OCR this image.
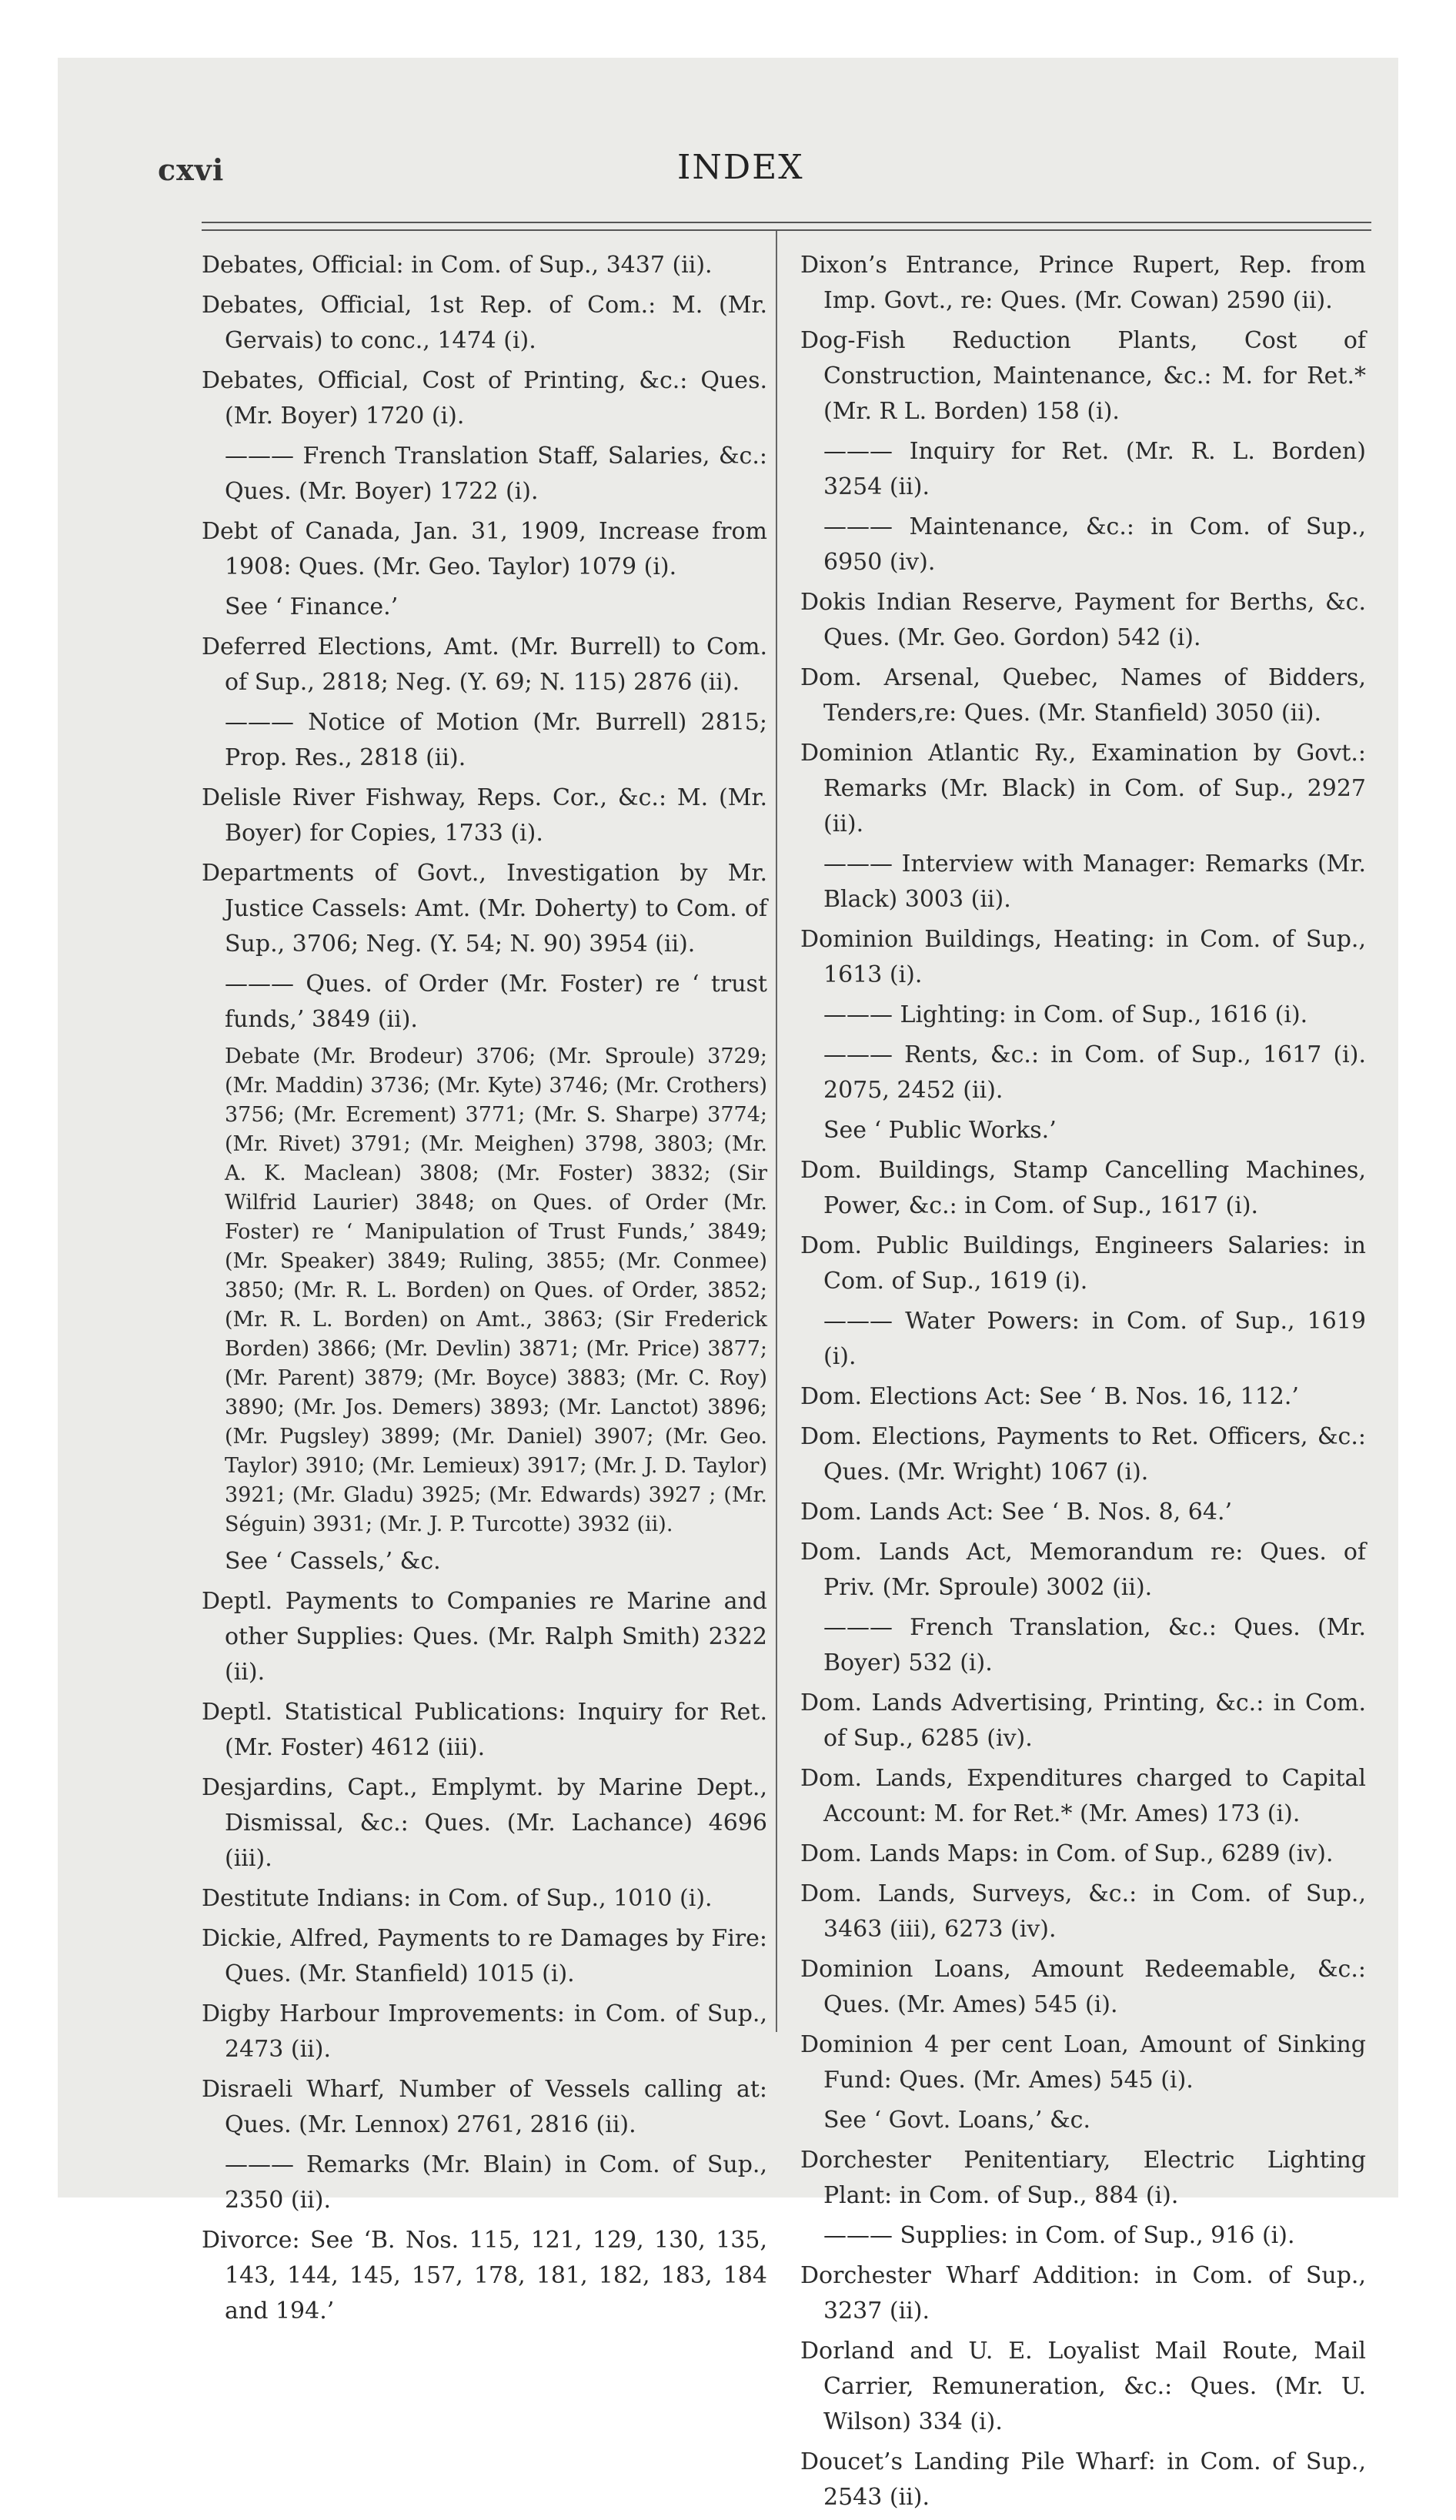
cxvi	INDEX

Debates, Official: in Com. of Sup., 3437 (ii).

Debates, Official, 1st Rep. of Com.: M. (Mr. Gervais) to conc., 1474 (i).

Debates, Official, Cost of Printing, &c.: Ques. (Mr. Boyer) 1720 (i).

——— French Translation Staff, Salaries, &c.: Ques. (Mr. Boyer) 1722 (i).

Debt of Canada, Jan. 31, 1909, Increase from 1908: Ques. (Mr. Geo. Taylor) 1079 (i).

See ‘ Finance.’

Deferred Elections, Amt. (Mr. Burrell) to Com. of Sup., 2818; Neg. (Y. 69; N. 115) 2876 (ii).

——— Notice of Motion (Mr. Burrell) 2815; Prop. Res., 2818 (ii).

Delisle River Fishway, Reps. Cor., &c.: M. (Mr. Boyer) for Copies, 1733 (i).

Departments of Govt., Investigation by Mr. Justice Cassels: Amt. (Mr. Doherty) to Com. of Sup., 3706; Neg. (Y. 54; N. 90) 3954 (ii).

——— Ques. of Order (Mr. Foster) re ‘ trust funds,’ 3849 (ii).

Debate (Mr. Brodeur) 3706; (Mr. Sproule) 3729; (Mr. Maddin) 3736; (Mr. Kyte) 3746; (Mr. Crothers) 3756; (Mr. Ecrement) 3771; (Mr. S. Sharpe) 3774; (Mr. Rivet) 3791; (Mr. Meighen) 3798, 3803; (Mr. A. K. Maclean) 3808; (Mr. Foster) 3832; (Sir Wilfrid Laurier) 3848; on Ques. of Order (Mr. Foster) re ‘ Manipulation of Trust Funds,’ 3849; (Mr. Speaker) 3849; Ruling, 3855; (Mr. Conmee) 3850; (Mr. R. L. Borden) on Ques. of Order, 3852; (Mr. R. L. Borden) on Amt., 3863; (Sir Frederick Borden) 3866; (Mr. Devlin) 3871; (Mr. Price) 3877; (Mr. Parent) 3879; (Mr. Boyce) 3883; (Mr. C. Roy) 3890; (Mr. Jos. Demers) 3893; (Mr. Lanctot) 3896; (Mr. Pugsley) 3899; (Mr. Daniel) 3907; (Mr. Geo. Taylor) 3910; (Mr. Lemieux) 3917; (Mr. J. D. Taylor) 3921; (Mr. Gladu) 3925; (Mr. Edwards) 3927 ; (Mr. Séguin) 3931; (Mr. J. P. Turcotte) 3932 (ii).

See ‘ Cassels,’ &c.

Deptl. Payments to Companies re Marine and other Supplies: Ques. (Mr. Ralph Smith) 2322 (ii).

Deptl. Statistical Publications: Inquiry for Ret. (Mr. Foster) 4612 (iii).

Desjardins, Capt., Emplymt. by Marine Dept., Dismissal, &c.: Ques. (Mr. Lachance) 4696 (iii).

Destitute Indians: in Com. of Sup., 1010 (i).

Dickie, Alfred, Payments to re Damages by Fire: Ques. (Mr. Stanfield) 1015 (i).

Digby Harbour Improvements: in Com. of Sup., 2473 (ii).

Disraeli Wharf, Number of Vessels calling at: Ques. (Mr. Lennox) 2761, 2816 (ii).

——— Remarks (Mr. Blain) in Com. of Sup., 2350 (ii).

Divorce: See ‘B. Nos. 115, 121, 129, 130, 135, 143, 144, 145, 157, 178, 181, 182, 183, 184 and 194.’

Dixon’s Entrance, Prince Rupert, Rep. from Imp. Govt., re: Ques. (Mr. Cowan) 2590 (ii).

Dog-Fish Reduction Plants, Cost of Construction, Maintenance, &c.: M. for Ret.* (Mr. R L. Borden) 158 (i).

——— Inquiry for Ret. (Mr. R. L. Borden) 3254 (ii).

——— Maintenance, &c.: in Com. of Sup., 6950 (iv).

Dokis Indian Reserve, Payment for Berths, &c. Ques. (Mr. Geo. Gordon) 542 (i).

Dom. Arsenal, Quebec, Names of Bidders, Tenders,re: Ques. (Mr. Stanfield) 3050 (ii).

Dominion Atlantic Ry., Examination by Govt.: Remarks (Mr. Black) in Com. of Sup., 2927 (ii).

——— Interview with Manager: Remarks (Mr. Black) 3003 (ii).

Dominion Buildings, Heating: in Com. of Sup., 1613 (i).

——— Lighting: in Com. of Sup., 1616 (i).

——— Rents, &c.: in Com. of Sup., 1617 (i). 2075, 2452 (ii).

See ‘ Public Works.’

Dom. Buildings, Stamp Cancelling Machines, Power, &c.: in Com. of Sup., 1617 (i).

Dom. Public Buildings, Engineers Salaries: in Com. of Sup., 1619 (i).

——— Water Powers: in Com. of Sup., 1619 (i).

Dom. Elections Act: See ‘ B. Nos. 16, 112.’

Dom. Elections, Payments to Ret. Officers, &c.: Ques. (Mr. Wright) 1067 (i).

Dom. Lands Act: See ‘ B. Nos. 8, 64.’

Dom. Lands Act, Memorandum re: Ques. of Priv. (Mr. Sproule) 3002 (ii).

——— French Translation, &c.: Ques. (Mr. Boyer) 532 (i).

Dom. Lands Advertising, Printing, &c.: in Com. of Sup., 6285 (iv).

Dom. Lands, Expenditures charged to Capital Account: M. for Ret.* (Mr. Ames) 173 (i).

Dom. Lands Maps: in Com. of Sup., 6289 (iv).

Dom. Lands, Surveys, &c.: in Com. of Sup., 3463 (iii), 6273 (iv).

Dominion Loans, Amount Redeemable, &c.: Ques. (Mr. Ames) 545 (i).

Dominion 4 per cent Loan, Amount of Sinking Fund: Ques. (Mr. Ames) 545 (i).

See ‘ Govt. Loans,’ &c.

Dorchester Penitentiary, Electric Lighting Plant: in Com. of Sup., 884 (i).

——— Supplies: in Com. of Sup., 916 (i).

Dorchester Wharf Addition: in Com. of Sup., 3237 (ii).

Dorland and U. E. Loyalist Mail Route, Mail Carrier, Remuneration, &c.: Ques. (Mr. U. Wilson) 334 (i).

Doucet’s Landing Pile Wharf: in Com. of Sup., 2543 (ii).
